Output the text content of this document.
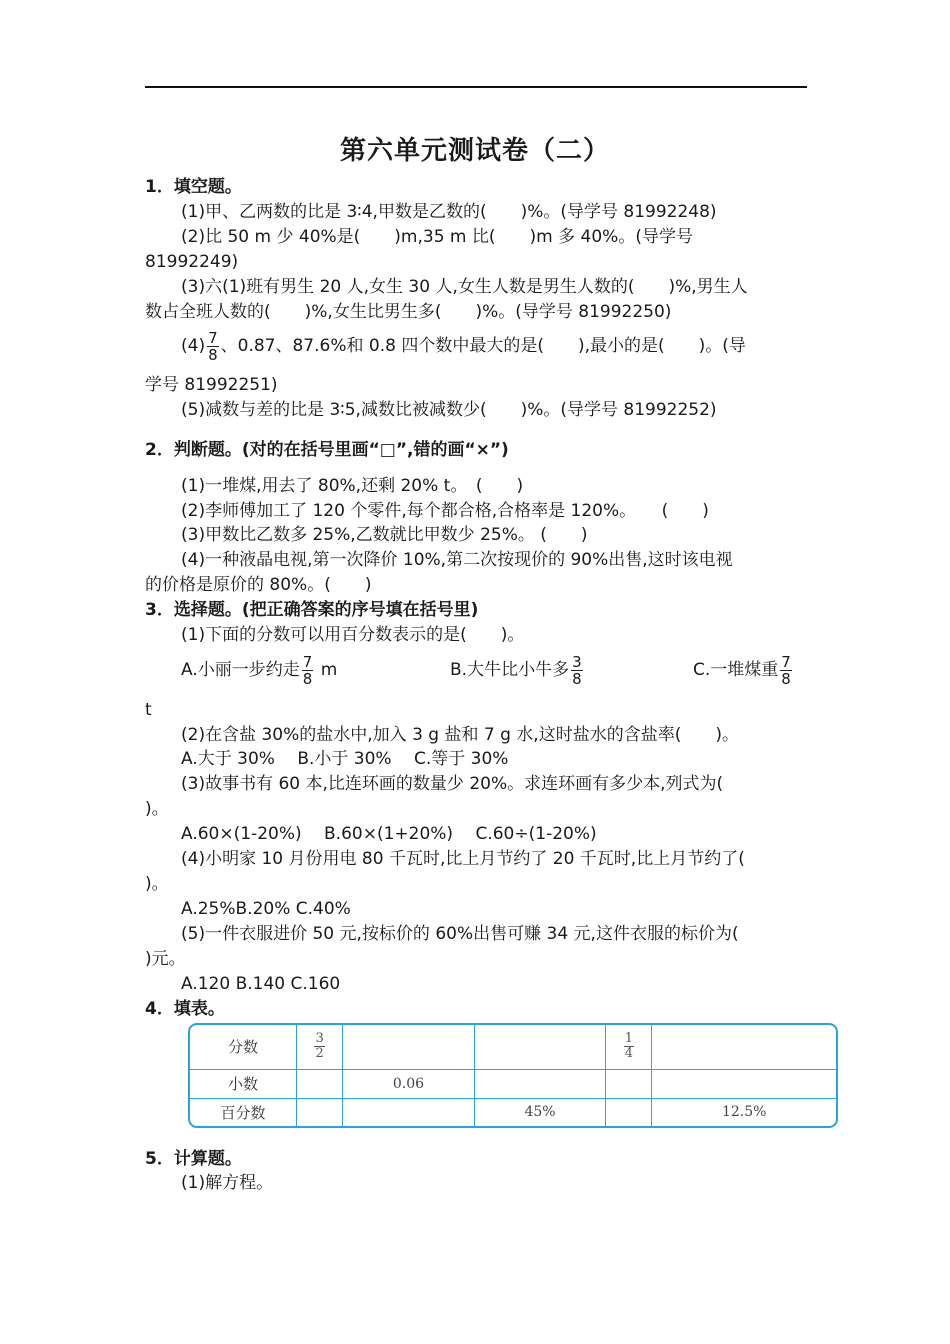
第六单元测试卷（二）
1．填空题。
(1)甲、乙两数的比是 3∶4,甲数是乙数的(　　)%。(导学号 81992248)
(2)比 50 m 少 40%是(　　)m,35 m 比(　　)m 多 40%。(导学号
81992249)
(3)六(1)班有男生 20 人,女生 30 人,女生人数是男生人数的(　　)%,男生人
数占全班人数的(　　)%,女生比男生多(　　)%。(导学号 81992250)
$(4) \frac{7}{8}$ 、0.87、87.6%和 0.8 四个数中最大的是(　　),最小的是(　　)。(导
学号 81992251)
(5)减数与差的比是 3∶5,减数比被减数少(　　)%。(导学号 81992252)
2．判断题。(对的在括号里画“□”,错的画“×”)
(1)一堆煤,用去了 80%,还剩 20% t。　(　　)
(2)李师傅加工了 120 个零件,每个都合格,合格率是 120%。　　(　　)
(3)甲数比乙数多 25%,乙数就比甲数少 25%。 (　　)
(4)一种液晶电视,第一次降价 10%,第二次按现价的 90%出售,这时该电视
的价格是原价的 80%。(　　)
3．选择题。(把正确答案的序号填在括号里)
(1)下面的分数可以用百分数表示的是(　　)。
A.小丽一步约走 $\frac{7}{8}$ m	B.大牛比小牛多 $\frac{3}{8}$	C.一堆煤重 $\frac{7}{8}$
t
(2)在含盐 30%的盐水中,加入 3 g 盐和 7 g 水,这时盐水的含盐率(　　)。
A.大于 30%　 B.小于 30%　 C.等于 30%
(3)故事书有 60 本,比连环画的数量少 20%。求连环画有多少本,列式为(
)。
A.60×(1-20%)　 B.60×(1+20%)　 C.60÷(1-20%)
(4)小明家 10 月份用电 80 千瓦时,比上月节约了 20 千瓦时,比上月节约了(
)。
A.25%B.20% C.40%
(5)一件衣服进价 50 元,按标价的 60%出售可赚 34 元,这件衣服的标价为(
)元。
A.120 B.140 C.160
4．填表。
分数	$\frac{3}{2}$			$\frac{1}{4}$

小数		0.06			
百分数			45%		12.5%
5．计算题。
(1)解方程。
